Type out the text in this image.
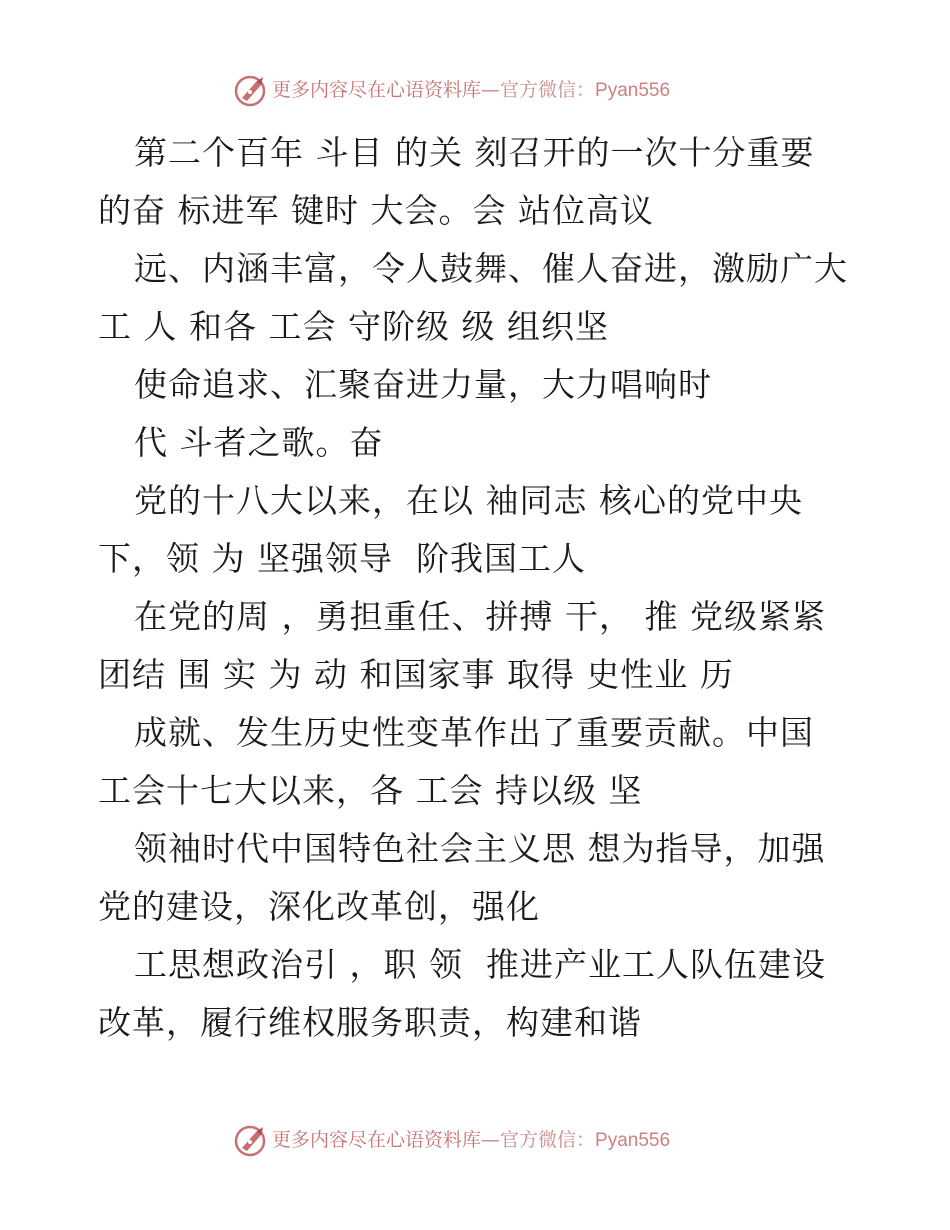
更多内容尽在心语资料库—官方微信：Pyan556
第二个百年 斗目 的关 刻召开的一次十分重要
的奋 标进军 键时 大会。会 站位高议
远、内涵丰富，令人鼓舞、催人奋进，激励广大
工 人 和各 工会 守阶级 级 组织坚
使命追求、汇聚奋进力量，大力唱响时
代 斗者之歌。奋
党的十八大以来，在以 袖同志 核心的党中央
下，领 为 坚强领导  阶我国工人
在党的周 ，勇担重任、拼搏 干， 推 党级紧紧
团结 围 实 为 动 和国家事 取得 史性业 历
成就、发生历史性变革作出了重要贡献。中国
工会十七大以来，各 工会 持以级 坚
领袖时代中国特色社会主义思 想为指导，加强
党的建设，深化改革创，强化
工思想政治引 ，职 领  推进产业工人队伍建设
改革，履行维权服务职责，构建和谐
更多内容尽在心语资料库—官方微信：Pyan556
